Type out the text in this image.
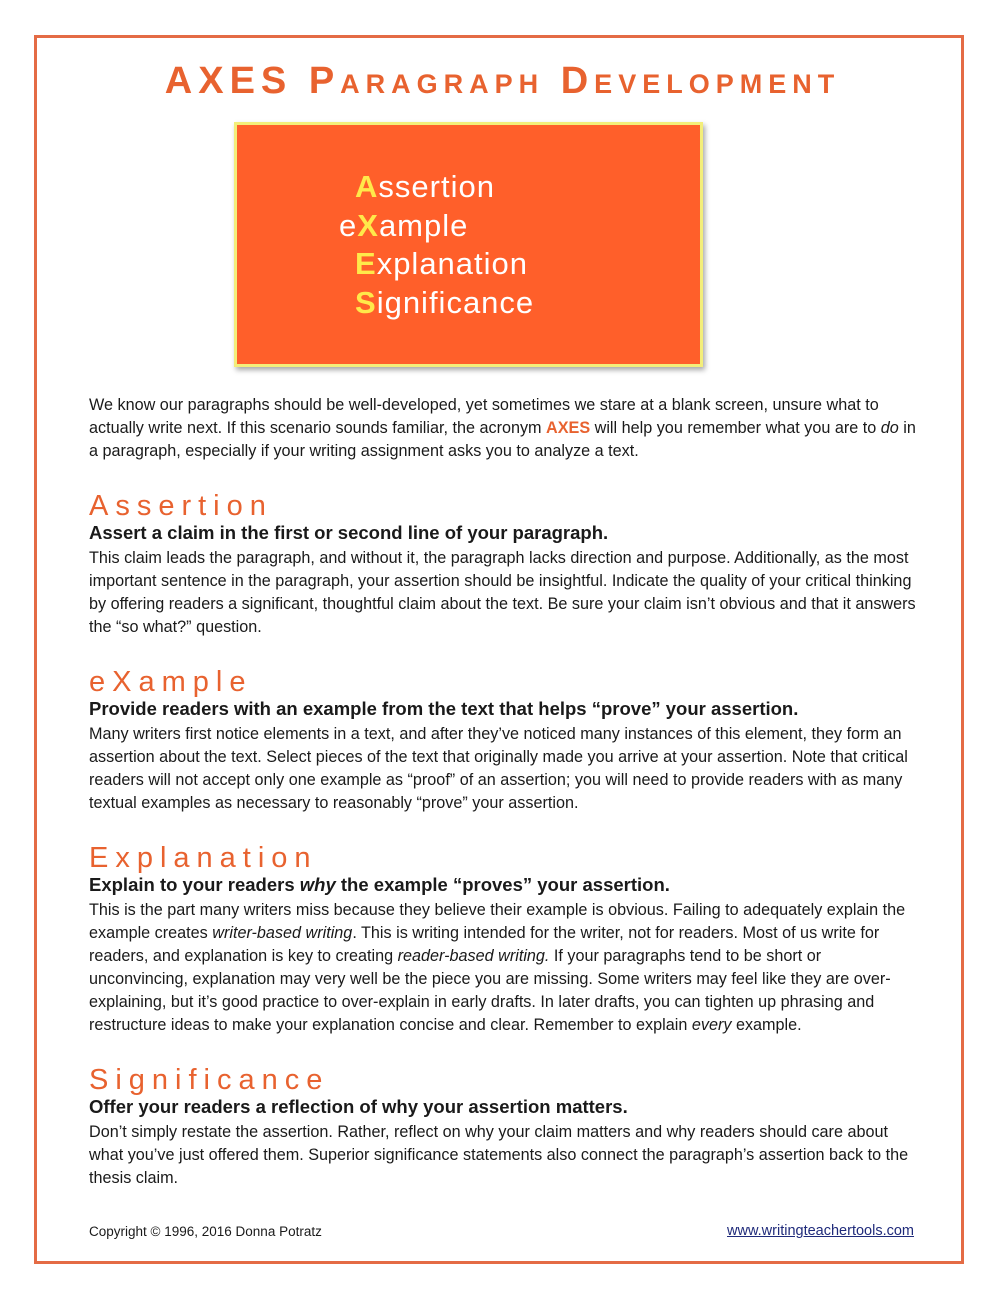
AXES Paragraph Development
Assertion
eXample
Explanation
Significance

We know our paragraphs should be well-developed, yet sometimes we stare at a blank screen, unsure what to actually write next. If this scenario sounds familiar, the acronym AXES will help you remember what you are to do in a paragraph, especially if your writing assignment asks you to analyze a text.

Assertion
Assert a claim in the first or second line of your paragraph.

This claim leads the paragraph, and without it, the paragraph lacks direction and purpose. Additionally, as the most important sentence in the paragraph, your assertion should be insightful. Indicate the quality of your critical thinking by offering readers a significant, thoughtful claim about the text. Be sure your claim isn’t obvious and that it answers the “so what?” question.

eXample
Provide readers with an example from the text that helps “prove” your assertion.

Many writers first notice elements in a text, and after they’ve noticed many instances of this element, they form an assertion about the text. Select pieces of the text that originally made you arrive at your assertion. Note that critical readers will not accept only one example as “proof” of an assertion; you will need to provide readers with as many textual examples as necessary to reasonably “prove” your assertion.

Explanation
Explain to your readers why the example “proves” your assertion.

This is the part many writers miss because they believe their example is obvious. Failing to adequately explain the example creates writer-based writing. This is writing intended for the writer, not for readers. Most of us write for readers, and explanation is key to creating reader-based writing. If your paragraphs tend to be short or unconvincing, explanation may very well be the piece you are missing. Some writers may feel like they are over-explaining, but it’s good practice to over-explain in early drafts. In later drafts, you can tighten up phrasing and restructure ideas to make your explanation concise and clear. Remember to explain every example.

Significance
Offer your readers a reflection of why your assertion matters.

Don’t simply restate the assertion. Rather, reflect on why your claim matters and why readers should care about what you’ve just offered them. Superior significance statements also connect the paragraph’s assertion back to the thesis claim.

Copyright © 1996, 2016 Donna Potratz	www.writingteachertools.com
